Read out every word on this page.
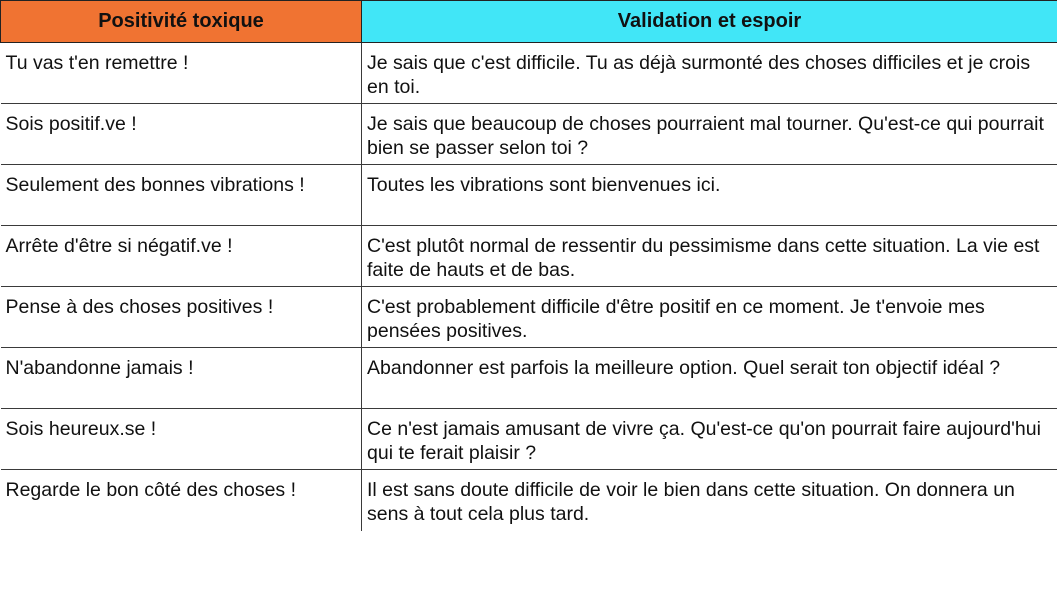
Positivité toxique	Validation et espoir
Tu vas t'en remettre !	Je sais que c'est difficile. Tu as déjà surmonté des choses difficiles et je crois en toi.
Sois positif.ve !	Je sais que beaucoup de choses pourraient mal tourner. Qu'est-ce qui pourrait bien se passer selon toi ?
Seulement des bonnes vibrations !	Toutes les vibrations sont bienvenues ici.
Arrête d'être si négatif.ve !	C'est plutôt normal de ressentir du pessimisme dans cette situation. La vie est faite de hauts et de bas.
Pense à des choses positives !	C'est probablement difficile d'être positif en ce moment. Je t'envoie mes pensées positives.
N'abandonne jamais !	Abandonner est parfois la meilleure option. Quel serait ton objectif idéal ?
Sois heureux.se !	Ce n'est jamais amusant de vivre ça. Qu'est-ce qu'on pourrait faire aujourd'hui qui te ferait plaisir ?
Regarde le bon côté des choses !	Il est sans doute difficile de voir le bien dans cette situation. On donnera un sens à tout cela plus tard.
